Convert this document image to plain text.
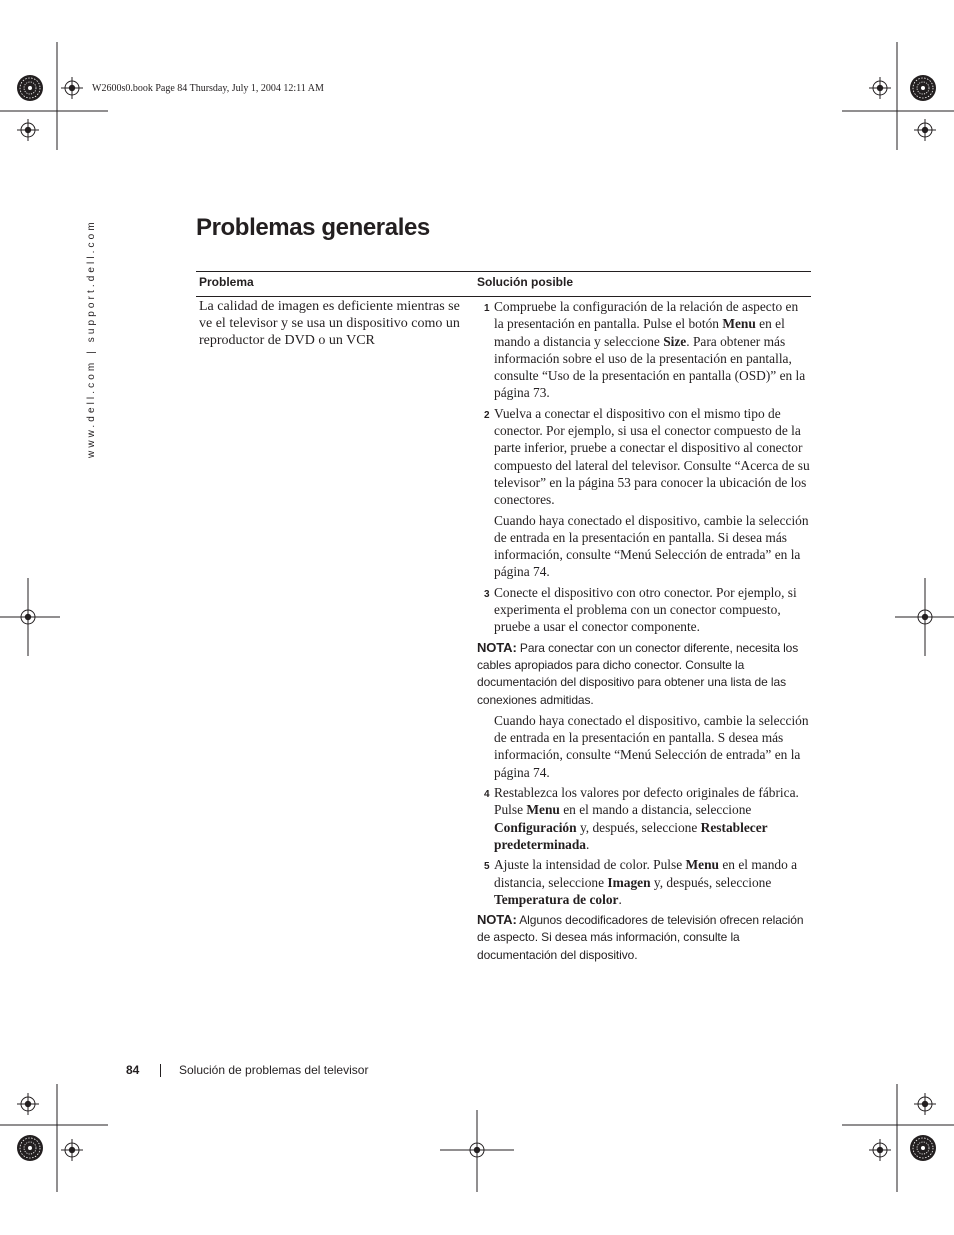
W2600s0.book Page 84 Thursday, July 1, 2004 12:11 AM
www.dell.com | support.dell.com	Problemas generales
Problema	Solución posible
La calidad de imagen es deficiente mientras se ve el televisor y se usa un dispositivo como un reproductor de DVD o un VCR
1 Compruebe la configuración de la relación de aspecto en la presentación en pantalla. Pulse el botón Menu en el mando a distancia y seleccione Size. Para obtener más información sobre el uso de la presentación en pantalla, consulte “Uso de la presentación en pantalla (OSD)” en la página 73.
2 Vuelva a conectar el dispositivo con el mismo tipo de conector. Por ejemplo, si usa el conector compuesto de la parte inferior, pruebe a conectar el dispositivo al conector compuesto del lateral del televisor. Consulte “Acerca de su televisor” en la página 53 para conocer la ubicación de los conectores.
Cuando haya conectado el dispositivo, cambie la selección de entrada en la presentación en pantalla. Si desea más información, consulte “Menú Selección de entrada” en la página 74.
3 Conecte el dispositivo con otro conector. Por ejemplo, si experimenta el problema con un conector compuesto, pruebe a usar el conector componente.
NOTA: Para conectar con un conector diferente, necesita los cables apropiados para dicho conector. Consulte la documentación del dispositivo para obtener una lista de las conexiones admitidas.
Cuando haya conectado el dispositivo, cambie la selección de entrada en la presentación en pantalla. S desea más información, consulte “Menú Selección de entrada” en la página 74.
4 Restablezca los valores por defecto originales de fábrica. Pulse Menu en el mando a distancia, seleccione Configuración y, después, seleccione Restablecer predeterminada.
5 Ajuste la intensidad de color. Pulse Menu en el mando a distancia, seleccione Imagen y, después, seleccione Temperatura de color.
NOTA: Algunos decodificadores de televisión ofrecen relación de aspecto. Si desea más información, consulte la documentación del dispositivo.
84	Solución de problemas del televisor
